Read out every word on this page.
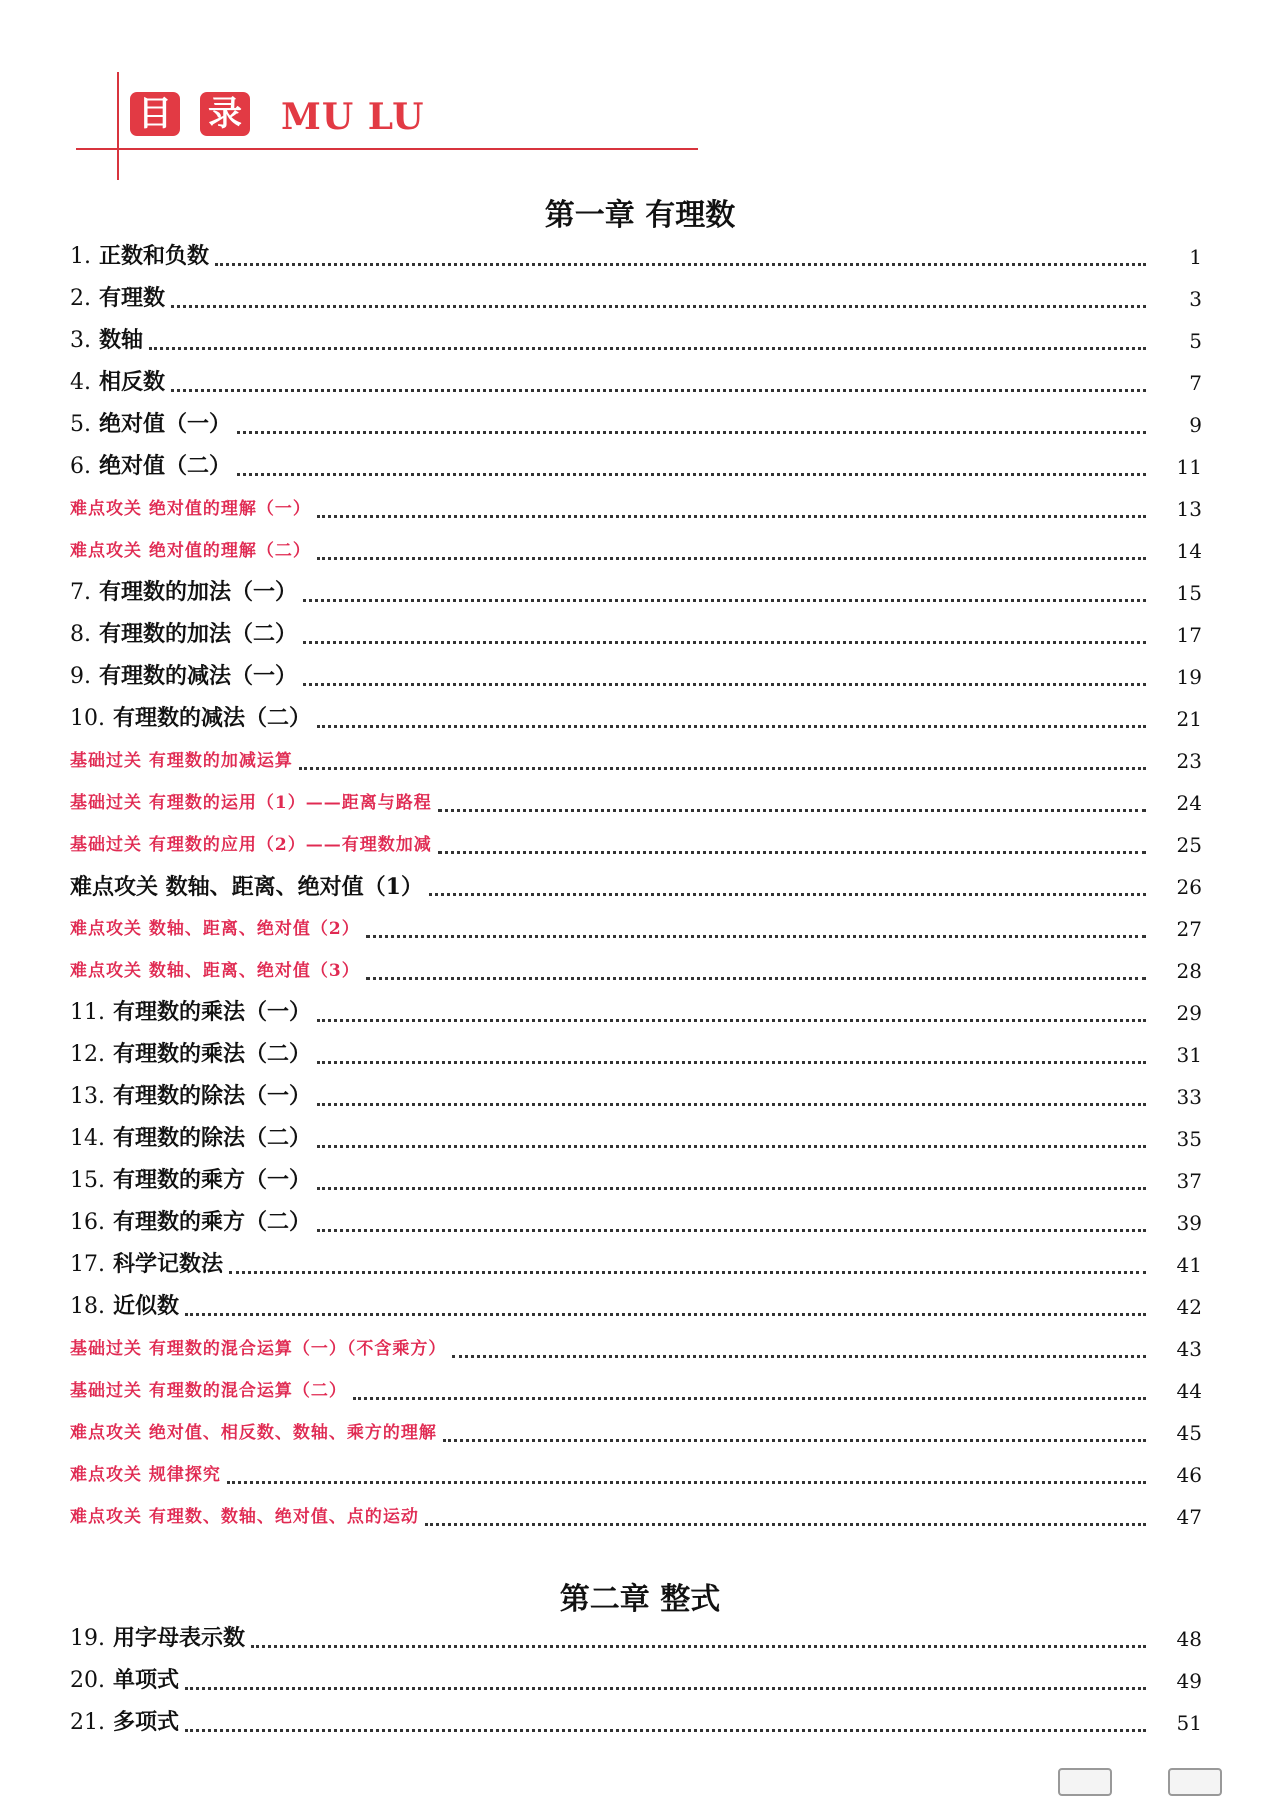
目 录 MU LU
第一章 有理数
1. 正数和负数	1
2. 有理数	3
3. 数轴	5
4. 相反数	7
5. 绝对值（一）	9
6. 绝对值（二）	11
难点攻关 绝对值的理解（一）	13
难点攻关 绝对值的理解（二）	14
7. 有理数的加法（一）	15
8. 有理数的加法（二）	17
9. 有理数的减法（一）	19
10. 有理数的减法（二）	21
基础过关 有理数的加减运算	23
基础过关 有理数的运用（1）——距离与路程	24
基础过关 有理数的应用（2）——有理数加减	25
难点攻关 数轴、距离、绝对值（1）	26
难点攻关 数轴、距离、绝对值（2）	27
难点攻关 数轴、距离、绝对值（3）	28
11. 有理数的乘法（一）	29
12. 有理数的乘法（二）	31
13. 有理数的除法（一）	33
14. 有理数的除法（二）	35
15. 有理数的乘方（一）	37
16. 有理数的乘方（二）	39
17. 科学记数法	41
18. 近似数	42
基础过关 有理数的混合运算（一）（不含乘方）	43
基础过关 有理数的混合运算（二）	44
难点攻关 绝对值、相反数、数轴、乘方的理解	45
难点攻关 规律探究	46
难点攻关 有理数、数轴、绝对值、点的运动	47
第二章 整式
19. 用字母表示数	48
20. 单项式	49
21. 多项式	51
